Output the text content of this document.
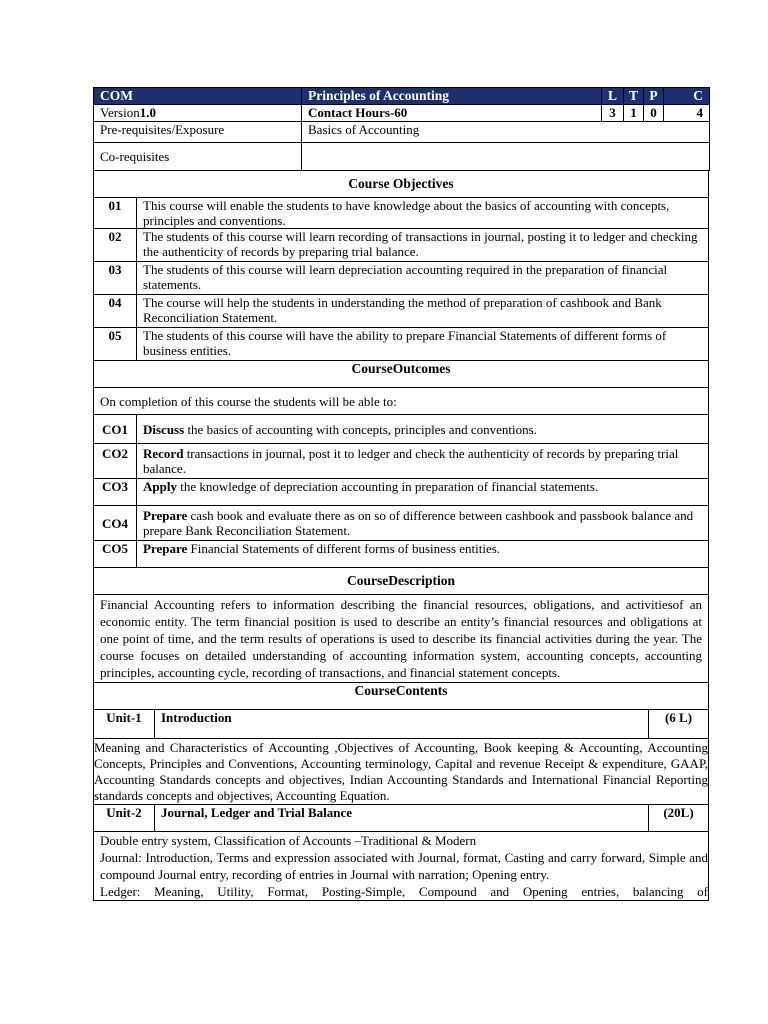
COM	Principles of Accounting	L	T	P	C
Version1.0	Contact Hours-60	3	1	0	4
Pre-requisites/Exposure	Basics of Accounting				
Co-requisites					
Course Objectives	
01	This course will enable the students to have knowledge about the basics of accounting with concepts, principles and conventions.
02	The students of this course will learn recording of transactions in journal, posting it to ledger and checking the authenticity of records by preparing trial balance.
03	The students of this course will learn depreciation accounting required in the preparation of financial statements.
04	The course will help the students in understanding the method of preparation of cashbook and Bank Reconciliation Statement.
05	The students of this course will have the ability to prepare Financial Statements of different forms of business entities.
CourseOutcomes	
On completion of this course the students will be able to:	
CO1	Discuss the basics of accounting with concepts, principles and conventions.
CO2	Record transactions in journal, post it to ledger and check the authenticity of records by preparing trial balance.
CO3	Apply the knowledge of depreciation accounting in preparation of financial statements.
CO4	Prepare cash book and evaluate there as on so of difference between cashbook and passbook balance and prepare Bank Reconciliation Statement.
CO5	Prepare Financial Statements of different forms of business entities.
CourseDescription
Financial Accounting refers to information describing the financial resources, obligations, and activitiesof an economic entity. The term financial position is used to describe an entity’s financial resources and obligations at one point of time, and the term results of operations is used to describe its financial activities during the year. The course focuses on detailed understanding of accounting information system, accounting concepts, accounting principles, accounting cycle, recording of transactions, and financial statement concepts.
CourseContents
Unit-1	Introduction	(6 L)
Meaning and Characteristics of Accounting ,Objectives of Accounting, Book keeping & Accounting, Accounting Concepts, Principles and Conventions, Accounting terminology, Capital and revenue Receipt & expenditure, GAAP, Accounting Standards concepts and objectives, Indian Accounting Standards and International Financial Reporting standards concepts and objectives, Accounting Equation.
Unit-2	Journal, Ledger and Trial Balance	(20L)
Double entry system, Classification of Accounts –Traditional & Modern
Journal: Introduction, Terms and expression associated with Journal, format, Casting and carry forward, Simple and compound Journal entry, recording of entries in Journal with narration; Opening entry.
Ledger: Meaning, Utility, Format, Posting-Simple, Compound and Opening entries, balancing of
